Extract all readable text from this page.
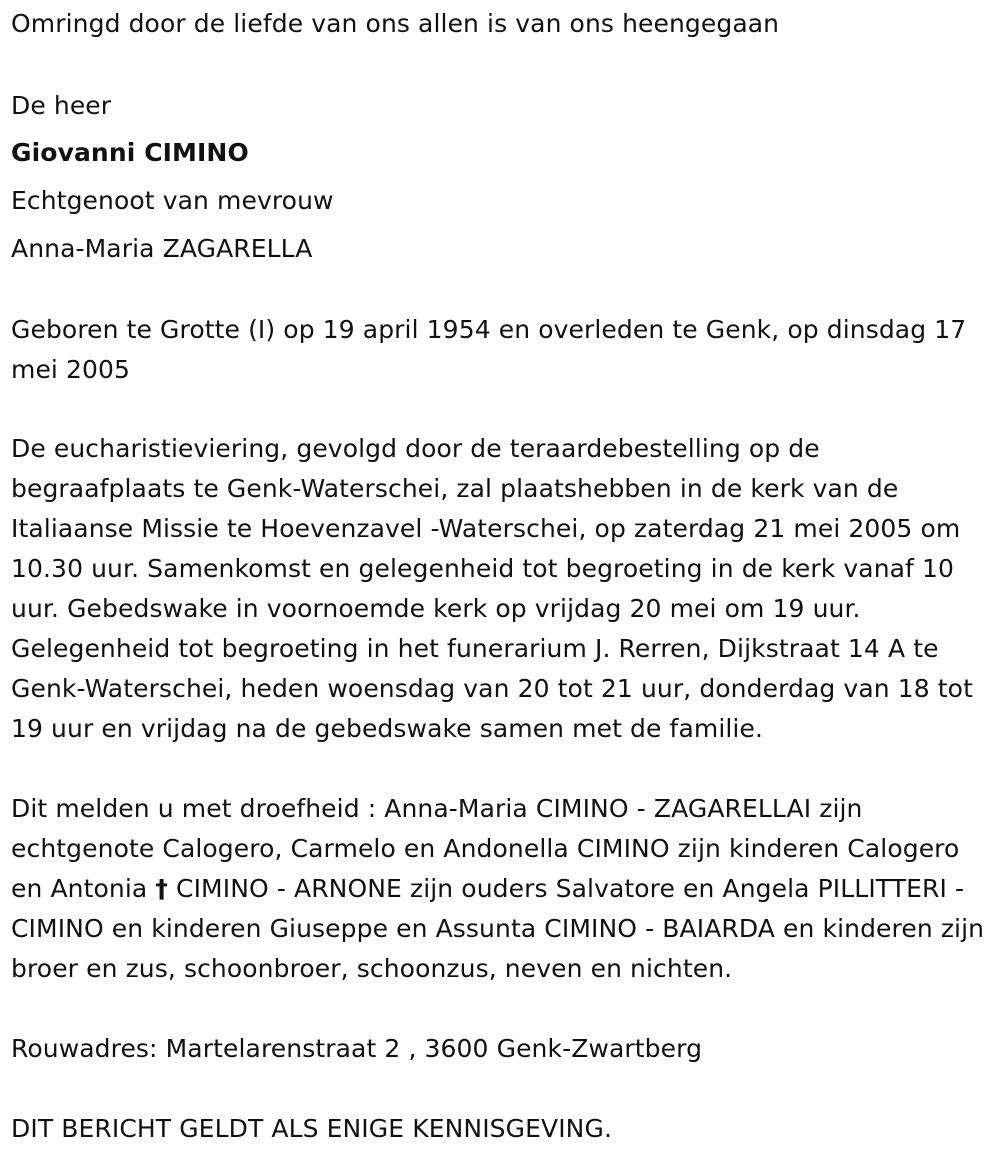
Omringd door de liefde van ons allen is van ons heengegaan
De heer
Giovanni CIMINO
Echtgenoot van mevrouw
Anna-Maria ZAGARELLA
Geboren te Grotte (I) op 19 april 1954 en overleden te Genk, op dinsdag 17 mei 2005
De eucharistieviering, gevolgd door de teraardebestelling op de begraafplaats te Genk-Waterschei, zal plaatshebben in de kerk van de Italiaanse Missie te Hoevenzavel -Waterschei, op zaterdag 21 mei 2005 om 10.30 uur. Samenkomst en gelegenheid tot begroeting in de kerk vanaf 10 uur. Gebedswake in voornoemde kerk op vrijdag 20 mei om 19 uur. Gelegenheid tot begroeting in het funerarium J. Rerren, Dijkstraat 14 A te Genk-Waterschei, heden woensdag van 20 tot 21 uur, donderdag van 18 tot 19 uur en vrijdag na de gebedswake samen met de familie.
Dit melden u met droefheid : Anna-Maria CIMINO - ZAGARELLAI zijn echtgenote Calogero, Carmelo en Andonella CIMINO zijn kinderen Calogero en Antonia † CIMINO - ARNONE zijn ouders Salvatore en Angela PILLITTERI - CIMINO en kinderen Giuseppe en Assunta CIMINO - BAIARDA en kinderen zijn broer en zus, schoonbroer, schoonzus, neven en nichten.
Rouwadres: Martelarenstraat 2 , 3600 Genk-Zwartberg
DIT BERICHT GELDT ALS ENIGE KENNISGEVING.
